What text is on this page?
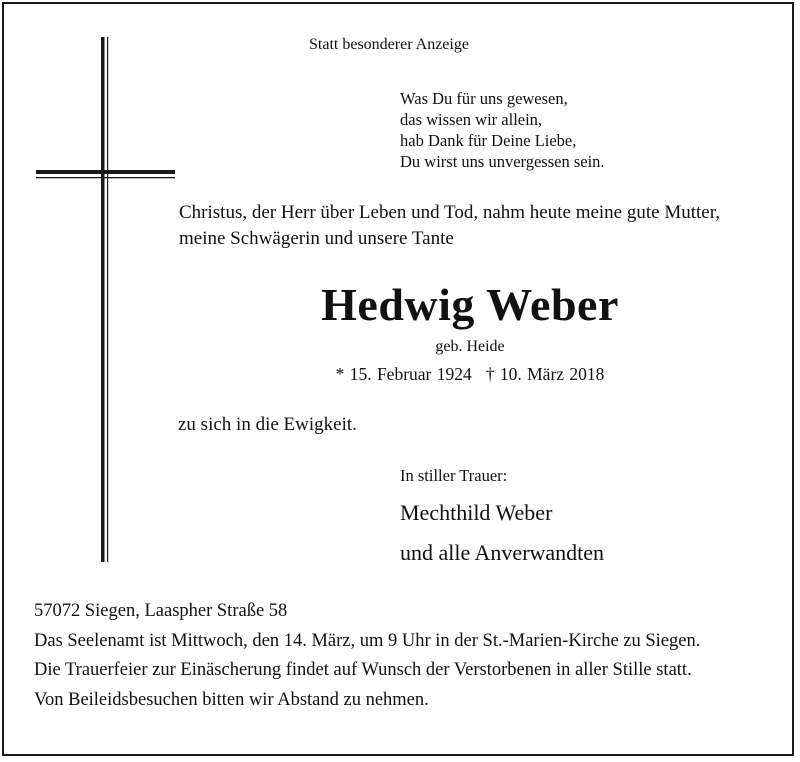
Statt besonderer Anzeige
Was Du für uns gewesen,
das wissen wir allein,
hab Dank für Deine Liebe,
Du wirst uns unvergessen sein.
Christus, der Herr über Leben und Tod, nahm heute meine gute Mutter,
meine Schwägerin und unsere Tante
Hedwig Weber
geb. Heide
* 15. Februar 1924 † 10. März 2018
zu sich in die Ewigkeit.
In stiller Trauer:
Mechthild Weber
und alle Anverwandten
57072 Siegen, Laaspher Straße 58
Das Seelenamt ist Mittwoch, den 14. März, um 9 Uhr in der St.-Marien-Kirche zu Siegen.
Die Trauerfeier zur Einäscherung findet auf Wunsch der Verstorbenen in aller Stille statt.
Von Beileidsbesuchen bitten wir Abstand zu nehmen.
